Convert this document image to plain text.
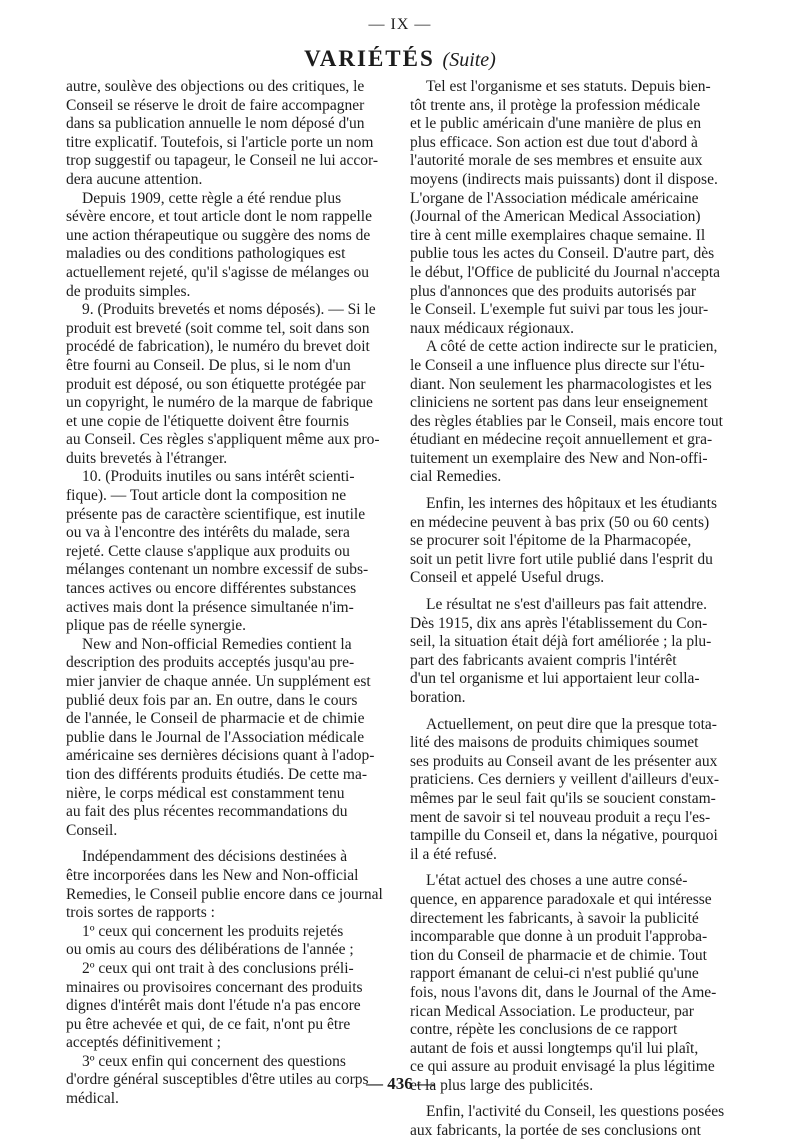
— IX —
VARIÉTÉS (Suite)
autre, soulève des objections ou des critiques, le
Conseil se réserve le droit de faire accompagner
dans sa publication annuelle le nom déposé d'un
titre explicatif. Toutefois, si l'article porte un nom
trop suggestif ou tapageur, le Conseil ne lui accor-
dera aucune attention.
Depuis 1909, cette règle a été rendue plus
sévère encore, et tout article dont le nom rappelle
une action thérapeutique ou suggère des noms de
maladies ou des conditions pathologiques est
actuellement rejeté, qu'il s'agisse de mélanges ou
de produits simples.
9. (Produits brevetés et noms déposés). — Si le
produit est breveté (soit comme tel, soit dans son
procédé de fabrication), le numéro du brevet doit
être fourni au Conseil. De plus, si le nom d'un
produit est déposé, ou son étiquette protégée par
un copyright, le numéro de la marque de fabrique
et une copie de l'étiquette doivent être fournis
au Conseil. Ces règles s'appliquent même aux pro-
duits brevetés à l'étranger.
10. (Produits inutiles ou sans intérêt scienti-
fique). — Tout article dont la composition ne
présente pas de caractère scientifique, est inutile
ou va à l'encontre des intérêts du malade, sera
rejeté. Cette clause s'applique aux produits ou
mélanges contenant un nombre excessif de subs-
tances actives ou encore différentes substances
actives mais dont la présence simultanée n'im-
plique pas de réelle synergie.
New and Non-official Remedies contient la
description des produits acceptés jusqu'au pre-
mier janvier de chaque année. Un supplément est
publié deux fois par an. En outre, dans le cours
de l'année, le Conseil de pharmacie et de chimie
publie dans le Journal de l'Association médicale
américaine ses dernières décisions quant à l'adop-
tion des différents produits étudiés. De cette ma-
nière, le corps médical est constamment tenu
au fait des plus récentes recommandations du
Conseil.
Indépendamment des décisions destinées à
être incorporées dans les New and Non-official
Remedies, le Conseil publie encore dans ce journal
trois sortes de rapports :
1º ceux qui concernent les produits rejetés
ou omis au cours des délibérations de l'année ;
2º ceux qui ont trait à des conclusions préli-
minaires ou provisoires concernant des produits
dignes d'intérêt mais dont l'étude n'a pas encore
pu être achevée et qui, de ce fait, n'ont pu être
acceptés définitivement ;
3º ceux enfin qui concernent des questions
d'ordre général susceptibles d'être utiles au corps
médical.
Tel est l'organisme et ses statuts. Depuis bien-
tôt trente ans, il protège la profession médicale
et le public américain d'une manière de plus en
plus efficace. Son action est due tout d'abord à
l'autorité morale de ses membres et ensuite aux
moyens (indirects mais puissants) dont il dispose.
L'organe de l'Association médicale américaine
(Journal of the American Medical Association)
tire à cent mille exemplaires chaque semaine. Il
publie tous les actes du Conseil. D'autre part, dès
le début, l'Office de publicité du Journal n'accepta
plus d'annonces que des produits autorisés par
le Conseil. L'exemple fut suivi par tous les jour-
naux médicaux régionaux.
A côté de cette action indirecte sur le praticien,
le Conseil a une influence plus directe sur l'étu-
diant. Non seulement les pharmacologistes et les
cliniciens ne sortent pas dans leur enseignement
des règles établies par le Conseil, mais encore tout
étudiant en médecine reçoit annuellement et gra-
tuitement un exemplaire des New and Non-offi-
cial Remedies.
Enfin, les internes des hôpitaux et les étudiants
en médecine peuvent à bas prix (50 ou 60 cents)
se procurer soit l'épitome de la Pharmacopée,
soit un petit livre fort utile publié dans l'esprit du
Conseil et appelé Useful drugs.
Le résultat ne s'est d'ailleurs pas fait attendre.
Dès 1915, dix ans après l'établissement du Con-
seil, la situation était déjà fort améliorée ; la plu-
part des fabricants avaient compris l'intérêt
d'un tel organisme et lui apportaient leur colla-
boration.
Actuellement, on peut dire que la presque tota-
lité des maisons de produits chimiques soumet
ses produits au Conseil avant de les présenter aux
praticiens. Ces derniers y veillent d'ailleurs d'eux-
mêmes par le seul fait qu'ils se soucient constam-
ment de savoir si tel nouveau produit a reçu l'es-
tampille du Conseil et, dans la négative, pourquoi
il a été refusé.
L'état actuel des choses a une autre consé-
quence, en apparence paradoxale et qui intéresse
directement les fabricants, à savoir la publicité
incomparable que donne à un produit l'approba-
tion du Conseil de pharmacie et de chimie. Tout
rapport émanant de celui-ci n'est publié qu'une
fois, nous l'avons dit, dans le Journal of the Ame-
rican Medical Association. Le producteur, par
contre, répète les conclusions de ce rapport
autant de fois et aussi longtemps qu'il lui plaît,
ce qui assure au produit envisagé la plus légitime
et la plus large des publicités.
Enfin, l'activité du Conseil, les questions posées
aux fabricants, la portée de ses conclusions ont
— 436 —
